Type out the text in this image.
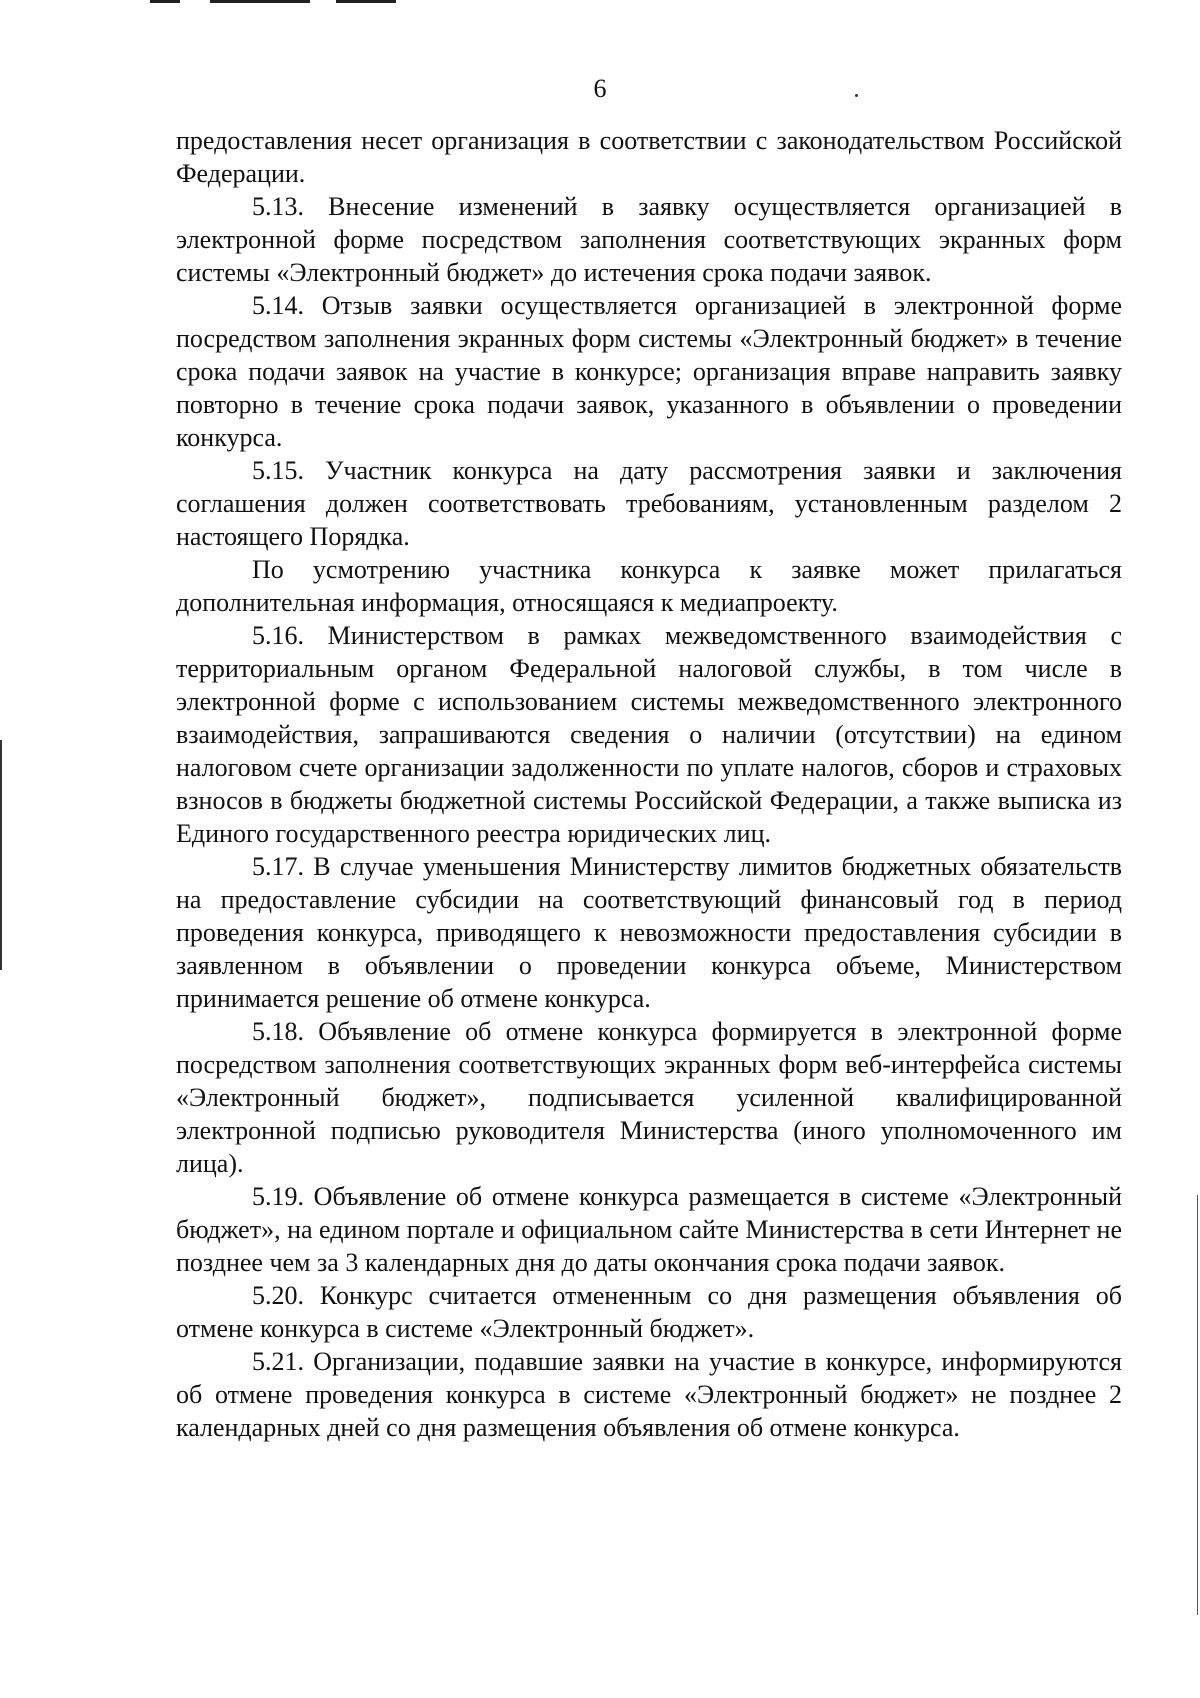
6

предоставления несет организация в соответствии с законодательством Российской Федерации.

5.13. Внесение изменений в заявку осуществляется организацией в электронной форме посредством заполнения соответствующих экранных форм системы «Электронный бюджет» до истечения срока подачи заявок.

5.14. Отзыв заявки осуществляется организацией в электронной форме посредством заполнения экранных форм системы «Электронный бюджет» в течение срока подачи заявок на участие в конкурсе; организация вправе направить заявку повторно в течение срока подачи заявок, указанного в объявлении о проведении конкурса.

5.15. Участник конкурса на дату рассмотрения заявки и заключения соглашения должен соответствовать требованиям, установленным разделом 2 настоящего Порядка.

По усмотрению участника конкурса к заявке может прилагаться дополнительная информация, относящаяся к медиапроекту.

5.16. Министерством в рамках межведомственного взаимодействия с территориальным органом Федеральной налоговой службы, в том числе в электронной форме с использованием системы межведомственного электронного взаимодействия, запрашиваются сведения о наличии (отсутствии) на едином налоговом счете организации задолженности по уплате налогов, сборов и страховых взносов в бюджеты бюджетной системы Российской Федерации, а также выписка из Единого государственного реестра юридических лиц.

5.17. В случае уменьшения Министерству лимитов бюджетных обязательств на предоставление субсидии на соответствующий финансовый год в период проведения конкурса, приводящего к невозможности предоставления субсидии в заявленном в объявлении о проведении конкурса объеме, Министерством принимается решение об отмене конкурса.

5.18. Объявление об отмене конкурса формируется в электронной форме посредством заполнения соответствующих экранных форм веб-интерфейса системы «Электронный бюджет», подписывается усиленной квалифицированной электронной подписью руководителя Министерства (иного уполномоченного им лица).

5.19. Объявление об отмене конкурса размещается в системе «Электронный бюджет», на едином портале и официальном сайте Министерства в сети Интернет не позднее чем за 3 календарных дня до даты окончания срока подачи заявок.

5.20. Конкурс считается отмененным со дня размещения объявления об отмене конкурса в системе «Электронный бюджет».

5.21. Организации, подавшие заявки на участие в конкурсе, информируются об отмене проведения конкурса в системе «Электронный бюджет» не позднее 2 календарных дней со дня размещения объявления об отмене конкурса.
